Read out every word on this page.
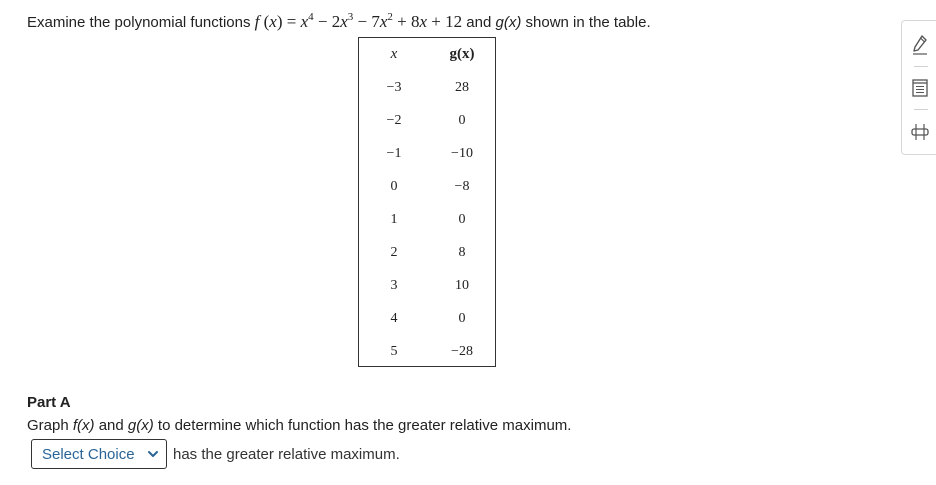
Examine the polynomial functions f $(x) = x^4 - 2x^3 - 7x^2 + 8x + 12$ and g(x) shown in the table.
x	g(x)
−3	28
−2	0
−1	−10
0	−8
1	0
2	8
3	10
4	0
5	−28
Part A
Graph f(x) and g(x) to determine which function has the greater relative maximum.
Select Choice	has the greater relative maximum.
